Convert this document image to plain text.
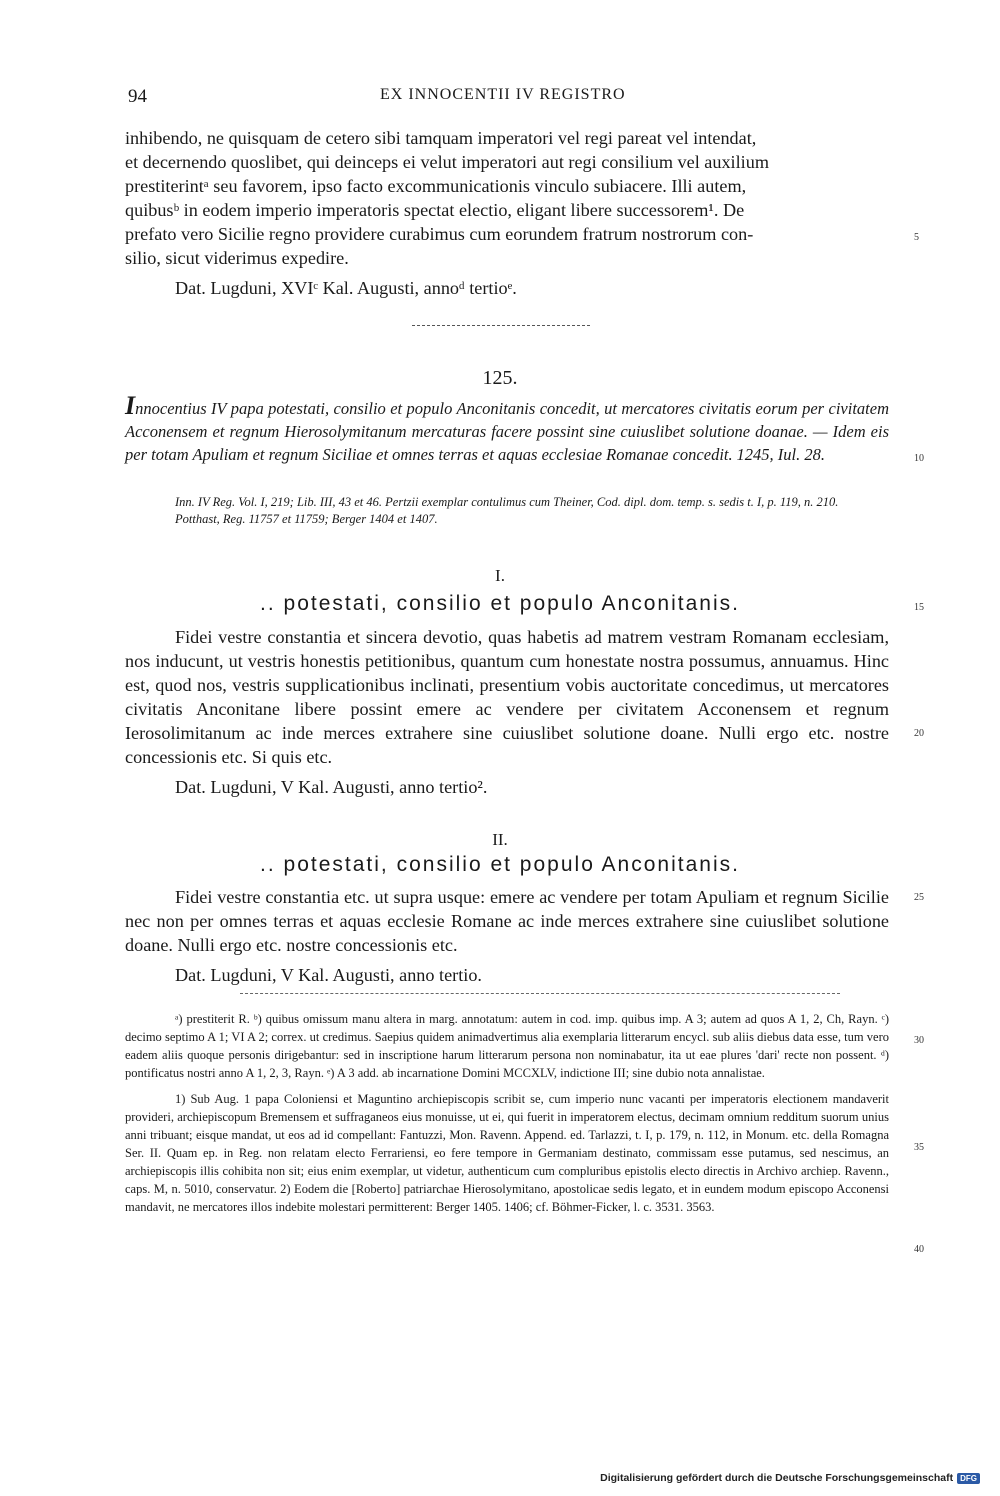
94	EX INNOCENTII IV REGISTRO

inhibendo, ne quisquam de cetero sibi tamquam imperatori vel regi pareat vel intendat,

et decernendo quoslibet, qui deinceps ei velut imperatori aut regi consilium vel auxilium

prestiterintᵃ seu favorem, ipso facto excommunicationis vinculo subiacere. Illi autem,

quibusᵇ in eodem imperio imperatoris spectat electio, eligant libere successorem¹. De

prefato vero Sicilie regno providere curabimus cum eorundem fratrum nostrorum con-

silio, sicut viderimus expedire.

Dat. Lugduni, XVIᶜ Kal. Augusti, annoᵈ tertioᵉ.

125.
Innocentius IV papa potestati, consilio et populo Anconitanis concedit, ut mercatores civitatis eorum per civitatem Acconensem et regnum Hierosolymitanum mercaturas facere possint sine cuiuslibet solutione doanae. — Idem eis per totam Apuliam et regnum Siciliae et omnes terras et aquas ecclesiae Romanae concedit. 1245, Iul. 28.
Inn. IV Reg. Vol. I, 219; Lib. III, 43 et 46. Pertzii exemplar contulimus cum Theiner, Cod. dipl. dom. temp. s. sedis t. I, p. 119, n. 210.
Potthast, Reg. 11757 et 11759; Berger 1404 et 1407.
I.
.. potestati, consilio et populo Anconitanis.

Fidei vestre constantia et sincera devotio, quas habetis ad matrem vestram Romanam ecclesiam, nos inducunt, ut vestris honestis petitionibus, quantum cum honestate nostra possumus, annuamus. Hinc est, quod nos, vestris supplicationibus inclinati, presentium vobis auctoritate concedimus, ut mercatores civitatis Anconitane libere possint emere ac vendere per civitatem Acconensem et regnum Ierosolimitanum ac inde merces extrahere sine cuiuslibet solutione doane. Nulli ergo etc. nostre concessionis etc. Si quis etc.

Dat. Lugduni, V Kal. Augusti, anno tertio².

II.
.. potestati, consilio et populo Anconitanis.

Fidei vestre constantia etc. ut supra usque: emere ac vendere per totam Apuliam et regnum Sicilie nec non per omnes terras et aquas ecclesie Romane ac inde merces extrahere sine cuiuslibet solutione doane. Nulli ergo etc. nostre concessionis etc.

Dat. Lugduni, V Kal. Augusti, anno tertio.

ᵃ) prestiterit R. ᵇ) quibus omissum manu altera in marg. annotatum: autem in cod. imp. quibus imp. A 3; autem ad quos A 1, 2, Ch, Rayn. ᶜ) decimo septimo A 1; VI A 2; correx. ut credimus. Saepius quidem animadvertimus alia exemplaria litterarum encycl. sub aliis diebus data esse, tum vero eadem aliis quoque personis dirigebantur: sed in inscriptione harum litterarum persona non nominabatur, ita ut eae plures 'dari' recte non possent. ᵈ) pontificatus nostri anno A 1, 2, 3, Rayn. ᵉ) A 3 add. ab incarnatione Domini MCCXLV, indictione III; sine dubio nota annalistae.

1) Sub Aug. 1 papa Coloniensi et Maguntino archiepiscopis scribit se, cum imperio nunc vacanti per imperatoris electionem mandaverit provideri, archiepiscopum Bremensem et suffraganeos eius monuisse, ut ei, qui fuerit in imperatorem electus, decimam omnium redditum suorum unius anni tribuant; eisque mandat, ut eos ad id compellant: Fantuzzi, Mon. Ravenn. Append. ed. Tarlazzi, t. I, p. 179, n. 112, in Monum. etc. della Romagna Ser. II. Quam ep. in Reg. non relatam electo Ferrariensi, eo fere tempore in Germaniam destinato, commissam esse putamus, sed nescimus, an archiepiscopis illis cohibita non sit; eius enim exemplar, ut videtur, authenticum cum compluribus epistolis electo directis in Archivo archiep. Ravenn., caps. M, n. 5010, conservatur. 2) Eodem die [Roberto] patriarchae Hierosolymitano, apostolicae sedis legato, et in eundem modum episcopo Acconensi mandavit, ne mercatores illos indebite molestari permitterent: Berger 1405. 1406; cf. Böhmer-Ficker, l. c. 3531. 3563.

5
10
15
20
25
30
35
40
Digitalisierung gefördert durch die Deutsche Forschungsgemeinschaft DFG
